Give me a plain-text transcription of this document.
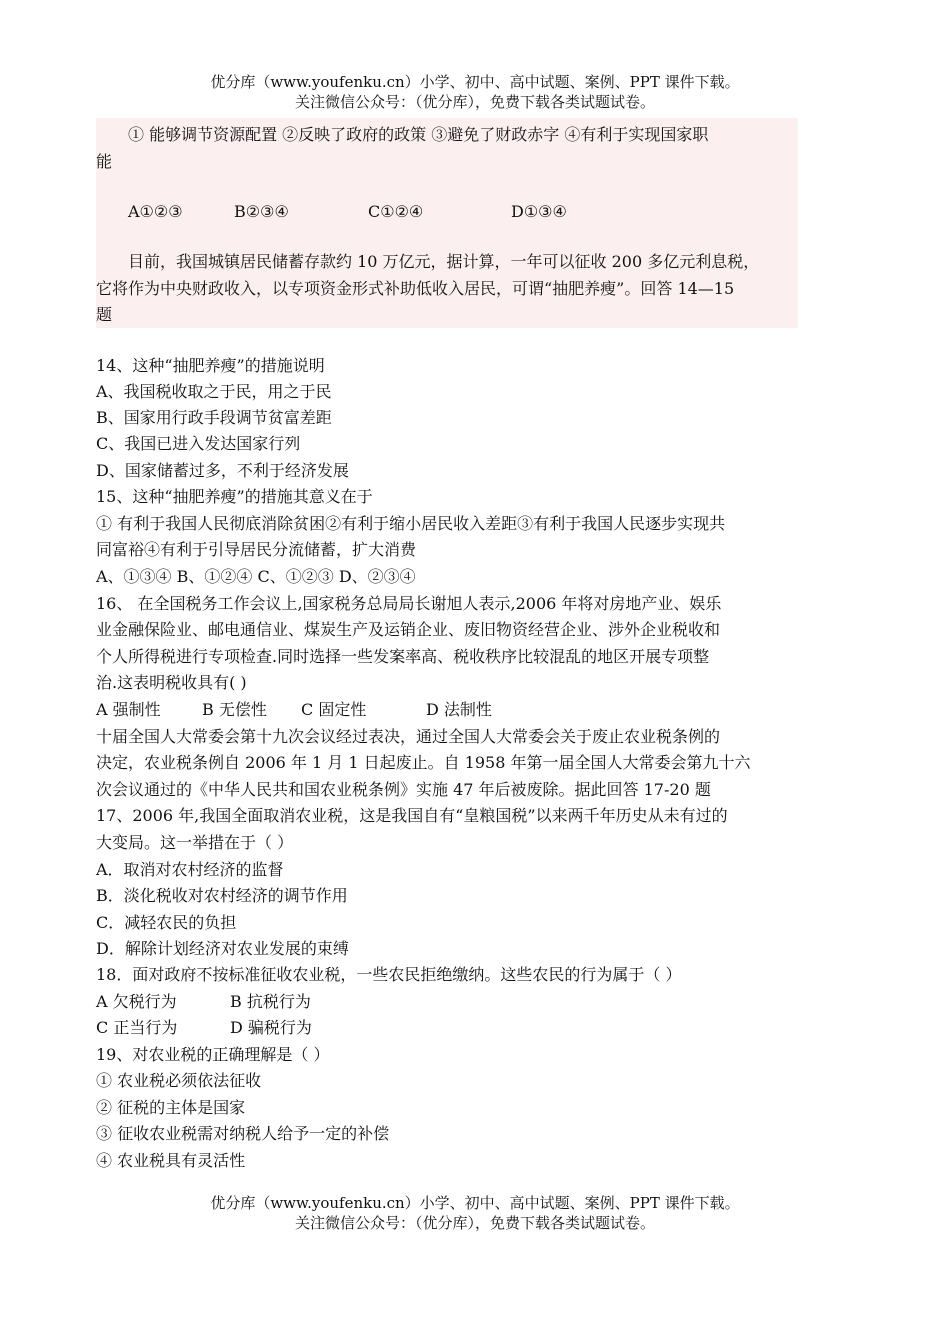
优分库（www.youfenku.cn）小学、初中、高中试题、案例、PPT 课件下载。
关注微信公众号：（优分库），免费下载各类试题试卷。
① 能够调节资源配置 ②反映了政府的政策 ③避免了财政赤字 ④有利于实现国家职
能
A①②③	B②③④	C①②④	D①③④
目前，我国城镇居民储蓄存款约 10 万亿元，据计算，一年可以征收 200 多亿元利息税，
它将作为中央财政收入，以专项资金形式补助低收入居民，可谓“抽肥养瘦”。回答 14—15
题
14、这种“抽肥养瘦”的措施说明
A、我国税收取之于民，用之于民
B、国家用行政手段调节贫富差距
C、我国已进入发达国家行列
D、国家储蓄过多，不利于经济发展
15、这种“抽肥养瘦”的措施其意义在于
① 有利于我国人民彻底消除贫困②有利于缩小居民收入差距③有利于我国人民逐步实现共
同富裕④有利于引导居民分流储蓄，扩大消费
A、①③④ B、①②④ C、①②③ D、②③④
16、 在全国税务工作会议上,国家税务总局局长谢旭人表示,2006 年将对房地产业、娱乐
业金融保险业、邮电通信业、煤炭生产及运销企业、废旧物资经营企业、涉外企业税收和
个人所得税进行专项检查.同时选择一些发案率高、税收秩序比较混乱的地区开展专项整
治.这表明税收具有( )
A 强制性	B 无偿性 C 固定性	D 法制性
十届全国人大常委会第十九次会议经过表决，通过全国人大常委会关于废止农业税条例的
决定，农业税条例自 2006 年 1 月 1 日起废止。自 1958 年第一届全国人大常委会第九十六
次会议通过的《中华人民共和国农业税条例》实施 47 年后被废除。据此回答 17-20 题
17、2006 年,我国全面取消农业税，这是我国自有“皇粮国税”以来两千年历史从未有过的
大变局。这一举措在于（ ）
A．取消对农村经济的监督
B．淡化税收对农村经济的调节作用
C．减轻农民的负担
D．解除计划经济对农业发展的束缚
18．面对政府不按标准征收农业税，一些农民拒绝缴纳。这些农民的行为属于（ ）
A 欠税行为	B 抗税行为
C 正当行为	D 骗税行为
19、对农业税的正确理解是（ ）
① 农业税必须依法征收
② 征税的主体是国家
③ 征收农业税需对纳税人给予一定的补偿
④ 农业税具有灵活性
优分库（www.youfenku.cn）小学、初中、高中试题、案例、PPT 课件下载。
关注微信公众号：（优分库），免费下载各类试题试卷。
